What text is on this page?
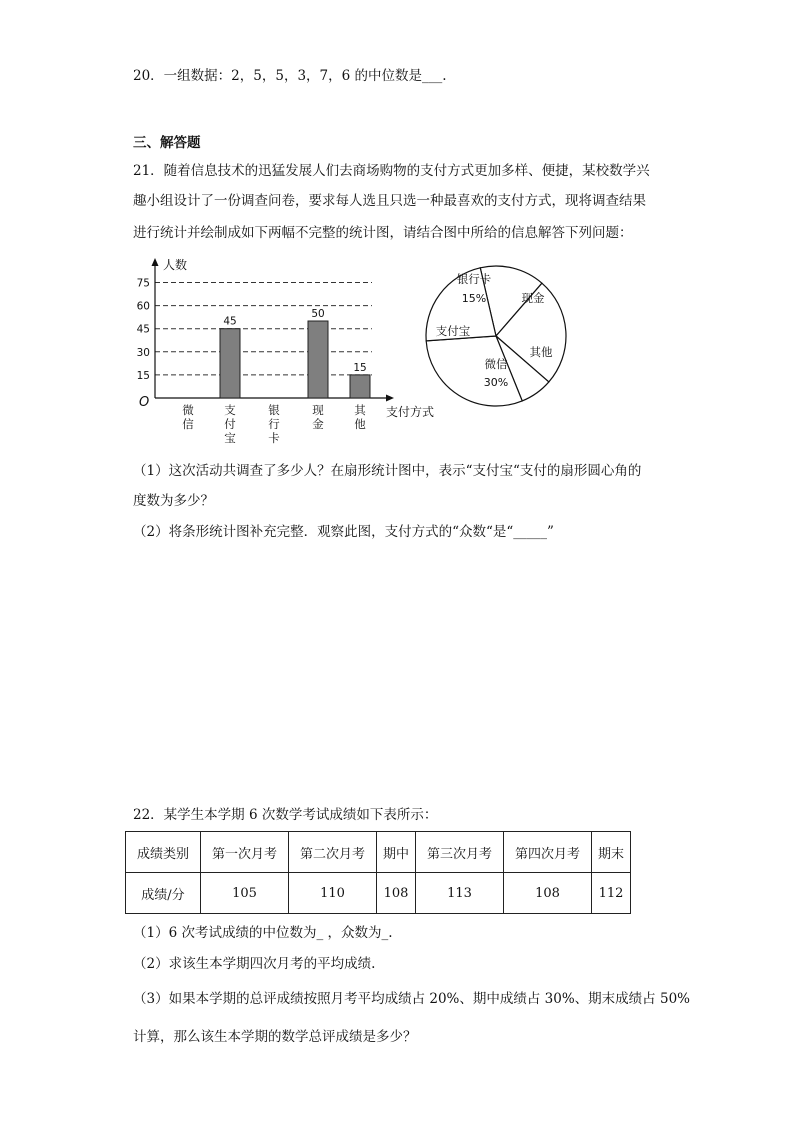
20．一组数据：2，5，5，3，7，6 的中位数是___.
三、解答题
21．随着信息技术的迅猛发展人们去商场购物的支付方式更加多样、便捷，某校数学兴
趣小组设计了一份调查问卷，要求每人选且只选一种最喜欢的支付方式，现将调查结果
进行统计并绘制成如下两幅不完整的统计图，请结合图中所给的信息解答下列问题：
15
30
45
60
75
人数
支付方式
O	微
信
45
支
付
宝
银
行
卡
50
现
金
15
其
他
银行卡
15%	现金
其他
微信
30%
支付宝
（1）这次活动共调查了多少人？在扇形统计图中，表示“支付宝“支付的扇形圆心角的
度数为多少？
（2）将条形统计图补充完整．观察此图，支付方式的“众数“是“_____”
22．某学生本学期 6 次数学考试成绩如下表所示：
成绩类别	第一次月考	第二次月考	期中	第三次月考	第四次月考	期末
成绩/分	105	110	108	113	108	112
（1）6 次考试成绩的中位数为_ ，众数为_.
（2）求该生本学期四次月考的平均成绩.
（3）如果本学期的总评成绩按照月考平均成绩占 20%、期中成绩占 30%、期末成绩占 50%
计算，那么该生本学期的数学总评成绩是多少？
